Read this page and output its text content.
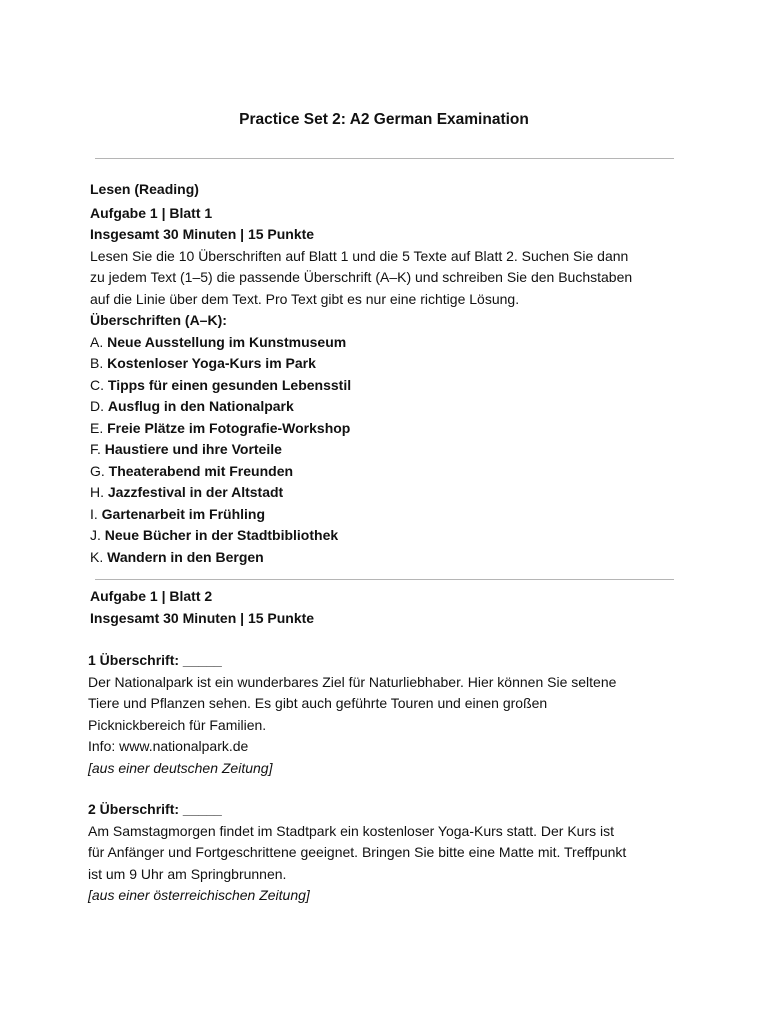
Practice Set 2: A2 German Examination

Lesen (Reading)

Aufgabe 1 | Blatt 1

Insgesamt 30 Minuten | 15 Punkte

Lesen Sie die 10 Überschriften auf Blatt 1 und die 5 Texte auf Blatt 2. Suchen Sie dann

zu jedem Text (1–5) die passende Überschrift (A–K) und schreiben Sie den Buchstaben

auf die Linie über dem Text. Pro Text gibt es nur eine richtige Lösung.

Überschriften (A–K):

A. Neue Ausstellung im Kunstmuseum

B. Kostenloser Yoga-Kurs im Park

C. Tipps für einen gesunden Lebensstil

D. Ausflug in den Nationalpark

E. Freie Plätze im Fotografie-Workshop

F. Haustiere und ihre Vorteile

G. Theaterabend mit Freunden

H. Jazzfestival in der Altstadt

I. Gartenarbeit im Frühling

J. Neue Bücher in der Stadtbibliothek

K. Wandern in den Bergen

Aufgabe 1 | Blatt 2

Insgesamt 30 Minuten | 15 Punkte

1 Überschrift: _____

Der Nationalpark ist ein wunderbares Ziel für Naturliebhaber. Hier können Sie seltene

Tiere und Pflanzen sehen. Es gibt auch geführte Touren und einen großen

Picknickbereich für Familien.

Info: www.nationalpark.de

[aus einer deutschen Zeitung]

2 Überschrift: _____

Am Samstagmorgen findet im Stadtpark ein kostenloser Yoga-Kurs statt. Der Kurs ist

für Anfänger und Fortgeschrittene geeignet. Bringen Sie bitte eine Matte mit. Treffpunkt

ist um 9 Uhr am Springbrunnen.

[aus einer österreichischen Zeitung]
